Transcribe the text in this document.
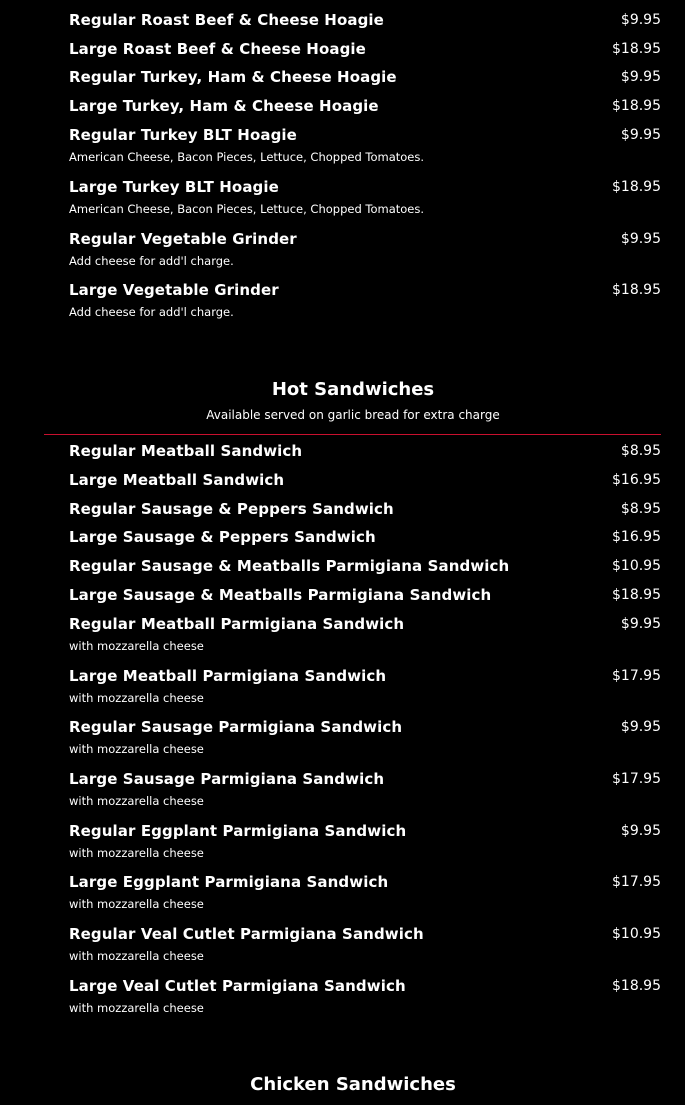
Regular Roast Beef & Cheese Hoagie	$9.95
Large Roast Beef & Cheese Hoagie	$18.95
Regular Turkey, Ham & Cheese Hoagie	$9.95
Large Turkey, Ham & Cheese Hoagie	$18.95
Regular Turkey BLT Hoagie	$9.95
American Cheese, Bacon Pieces, Lettuce, Chopped Tomatoes.
Large Turkey BLT Hoagie	$18.95
American Cheese, Bacon Pieces, Lettuce, Chopped Tomatoes.
Regular Vegetable Grinder	$9.95
Add cheese for add'l charge.
Large Vegetable Grinder	$18.95
Add cheese for add'l charge.
Hot Sandwiches
Available served on garlic bread for extra charge
Regular Meatball Sandwich	$8.95
Large Meatball Sandwich	$16.95
Regular Sausage & Peppers Sandwich	$8.95
Large Sausage & Peppers Sandwich	$16.95
Regular Sausage & Meatballs Parmigiana Sandwich	$10.95
Large Sausage & Meatballs Parmigiana Sandwich	$18.95
Regular Meatball Parmigiana Sandwich	$9.95
with mozzarella cheese
Large Meatball Parmigiana Sandwich	$17.95
with mozzarella cheese
Regular Sausage Parmigiana Sandwich	$9.95
with mozzarella cheese
Large Sausage Parmigiana Sandwich	$17.95
with mozzarella cheese
Regular Eggplant Parmigiana Sandwich	$9.95
with mozzarella cheese
Large Eggplant Parmigiana Sandwich	$17.95
with mozzarella cheese
Regular Veal Cutlet Parmigiana Sandwich	$10.95
with mozzarella cheese
Large Veal Cutlet Parmigiana Sandwich	$18.95
with mozzarella cheese
Chicken Sandwiches
